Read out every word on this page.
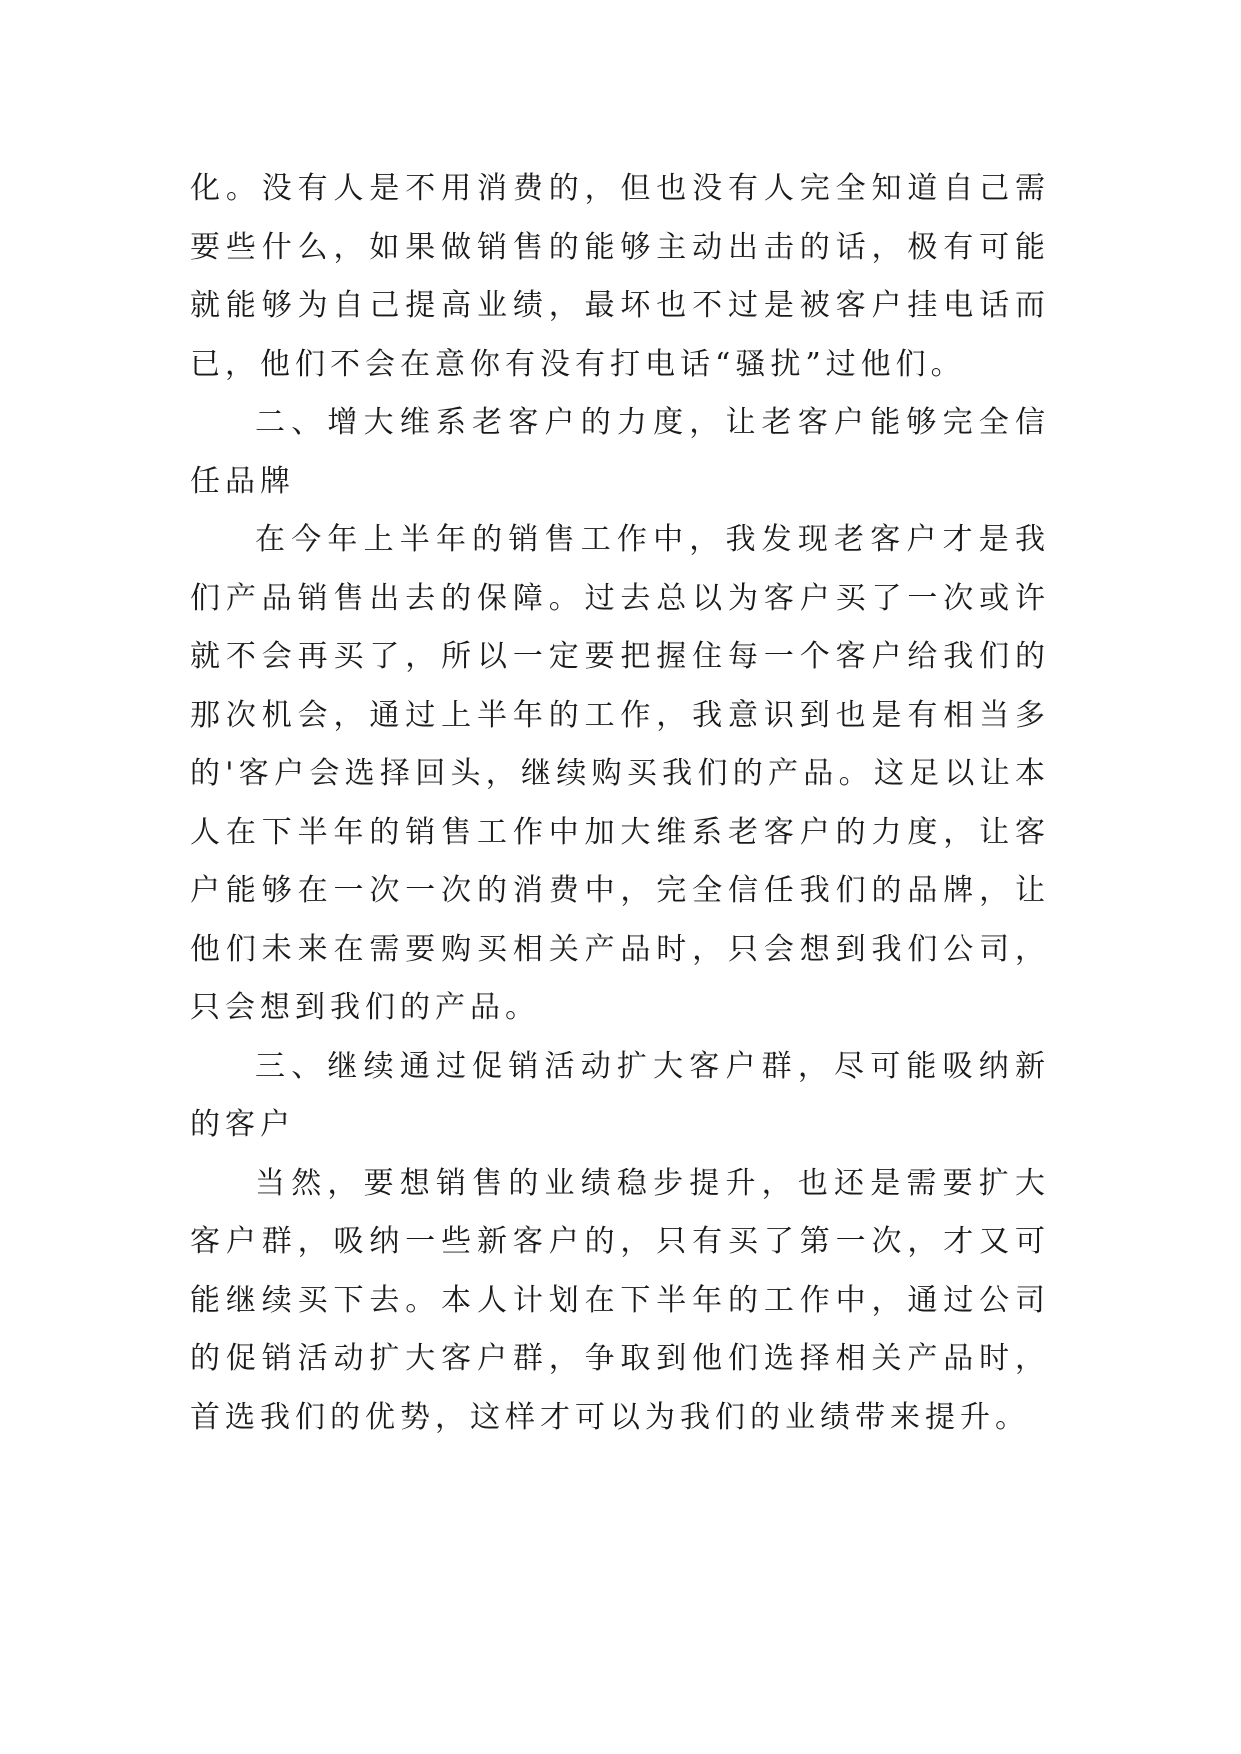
化。没有人是不用消费的，但也没有人完全知道自己需要些什么，如果做销售的能够主动出击的话，极有可能就能够为自己提高业绩，最坏也不过是被客户挂电话而已，他们不会在意你有没有打电话“骚扰”过他们。

二、增大维系老客户的力度，让老客户能够完全信任品牌

在今年上半年的销售工作中，我发现老客户才是我们产品销售出去的保障。过去总以为客户买了一次或许就不会再买了，所以一定要把握住每一个客户给我们的那次机会，通过上半年的工作，我意识到也是有相当多的'客户会选择回头，继续购买我们的产品。这足以让本人在下半年的销售工作中加大维系老客户的力度，让客户能够在一次一次的消费中，完全信任我们的品牌，让他们未来在需要购买相关产品时，只会想到我们公司，只会想到我们的产品。

三、继续通过促销活动扩大客户群，尽可能吸纳新的客户

当然，要想销售的业绩稳步提升，也还是需要扩大客户群，吸纳一些新客户的，只有买了第一次，才又可能继续买下去。本人计划在下半年的工作中，通过公司的促销活动扩大客户群，争取到他们选择相关产品时，首选我们的优势，这样才可以为我们的业绩带来提升。
